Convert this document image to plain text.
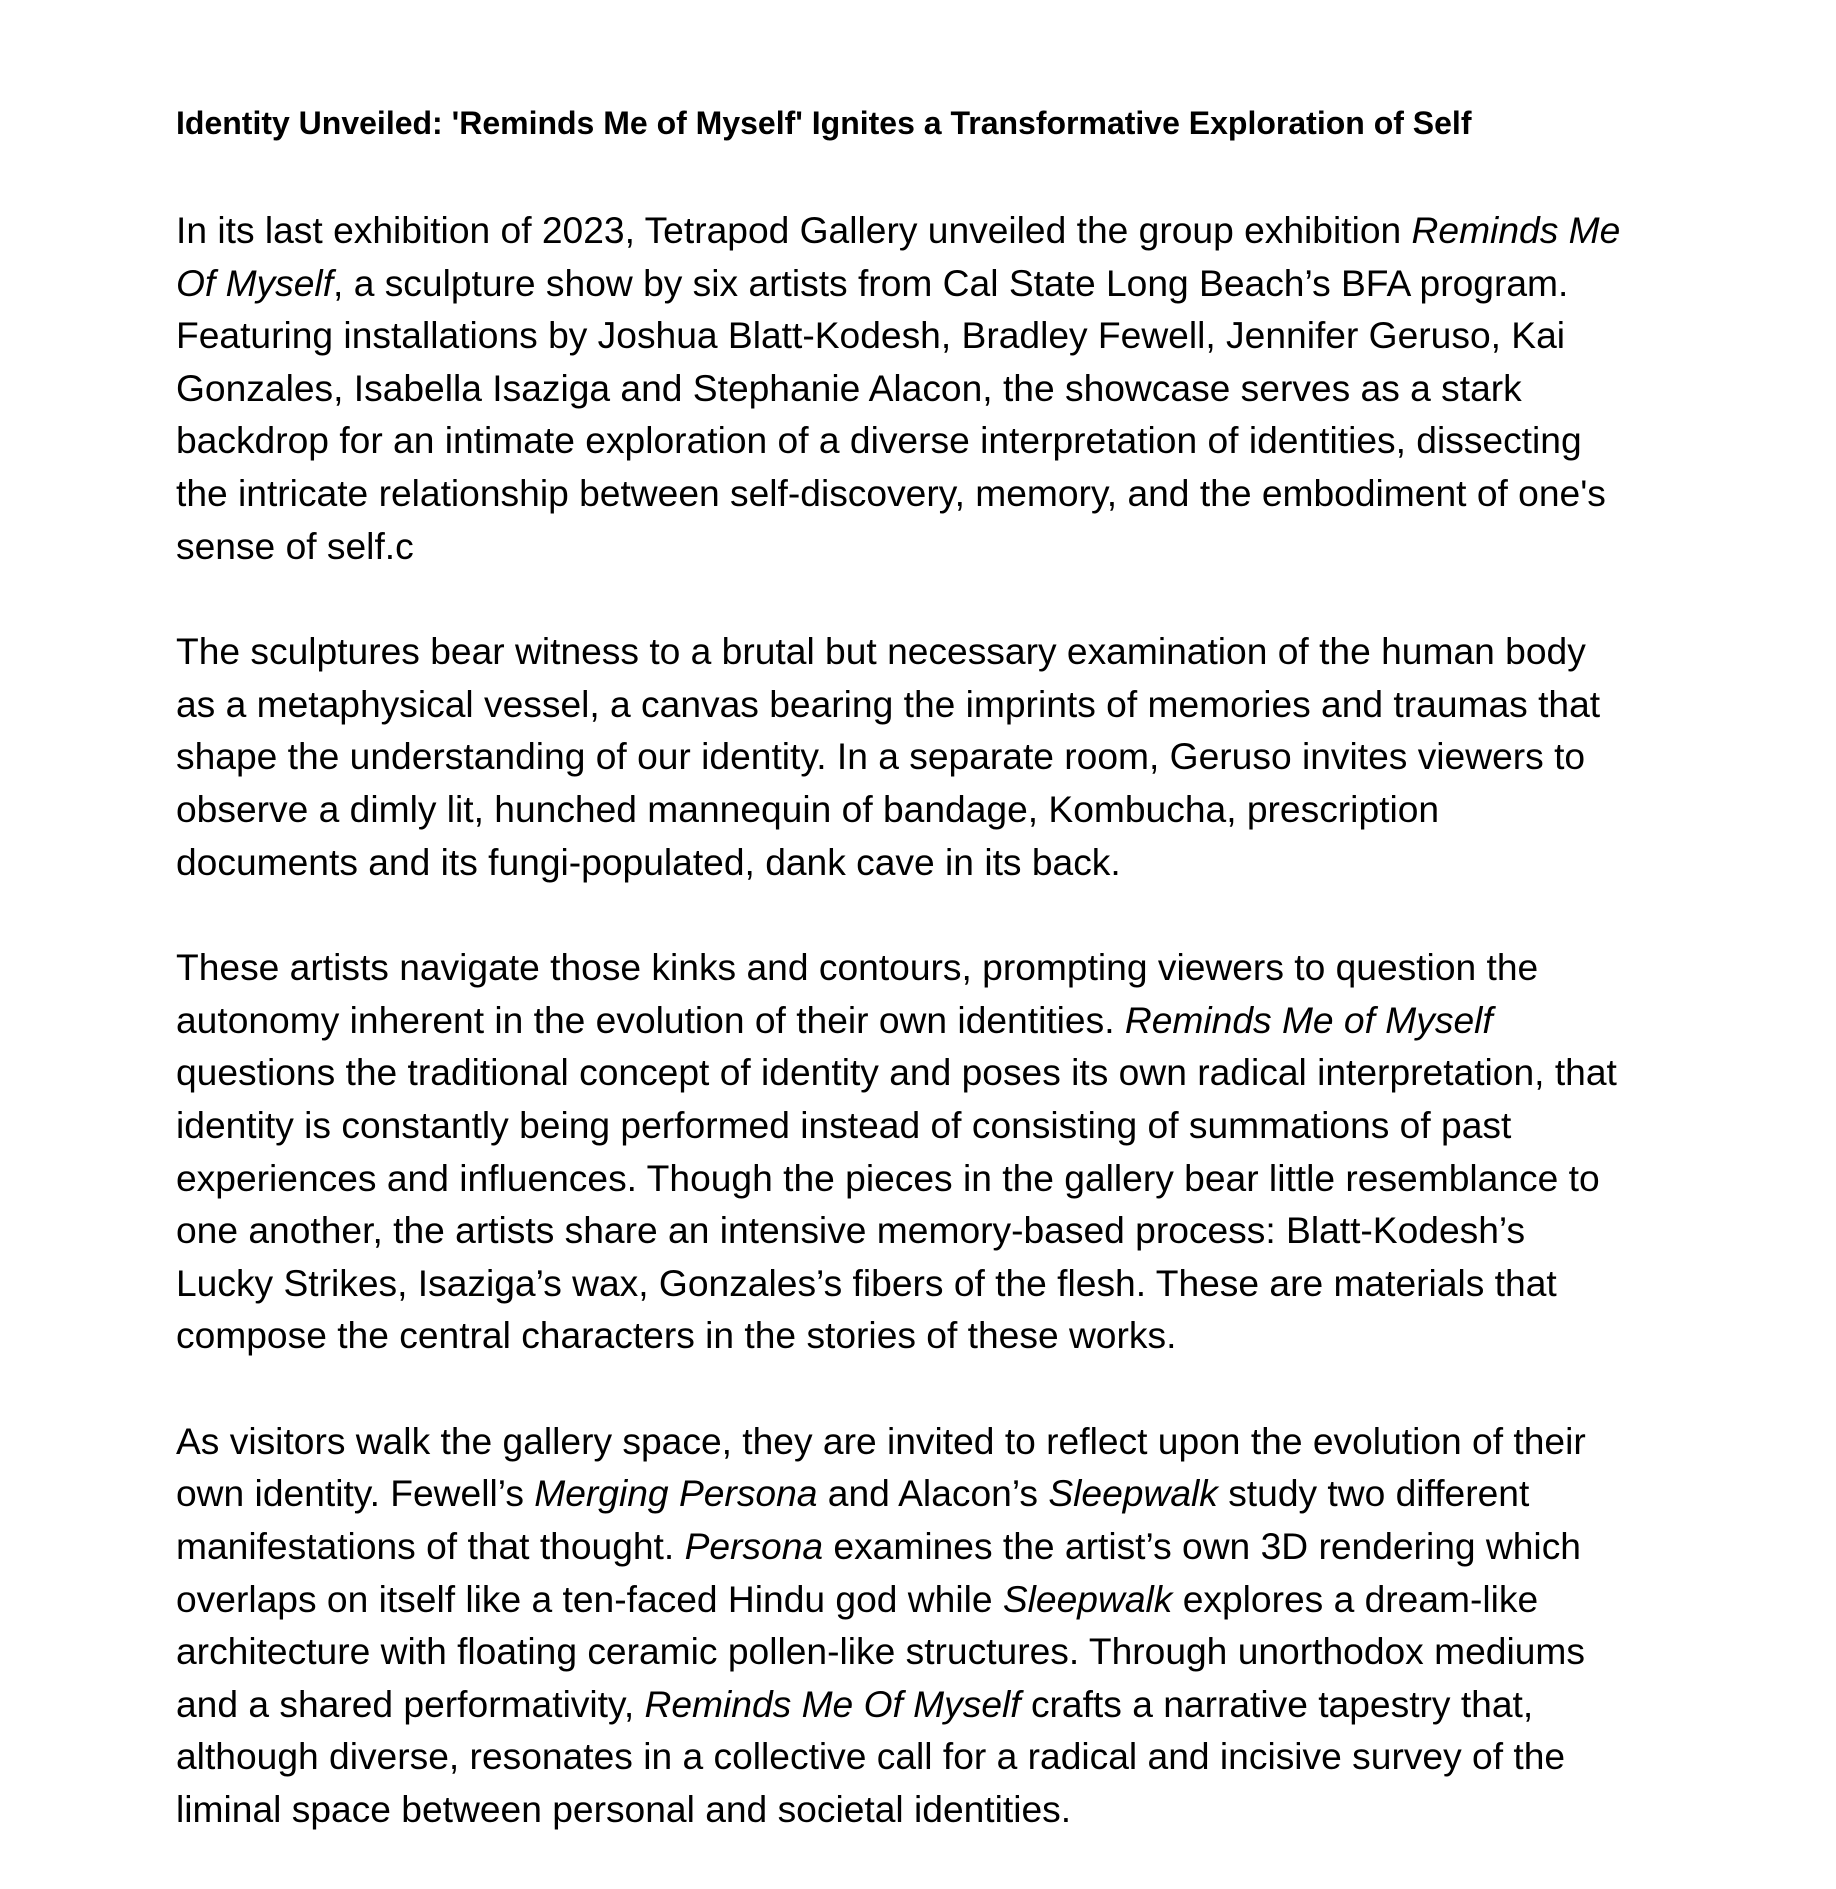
Identity Unveiled: 'Reminds Me of Myself' Ignites a Transformative Exploration of Self
In its last exhibition of 2023, Tetrapod Gallery unveiled the group exhibition Reminds Me
Of Myself, a sculpture show by six artists from Cal State Long Beach’s BFA program.
Featuring installations by Joshua Blatt-Kodesh, Bradley Fewell, Jennifer Geruso, Kai
Gonzales, Isabella Isaziga and Stephanie Alacon, the showcase serves as a stark
backdrop for an intimate exploration of a diverse interpretation of identities, dissecting
the intricate relationship between self-discovery, memory, and the embodiment of one's
sense of self.c
The sculptures bear witness to a brutal but necessary examination of the human body
as a metaphysical vessel, a canvas bearing the imprints of memories and traumas that
shape the understanding of our identity. In a separate room, Geruso invites viewers to
observe a dimly lit, hunched mannequin of bandage, Kombucha, prescription
documents and its fungi-populated, dank cave in its back.
These artists navigate those kinks and contours, prompting viewers to question the
autonomy inherent in the evolution of their own identities. Reminds Me of Myself
questions the traditional concept of identity and poses its own radical interpretation, that
identity is constantly being performed instead of consisting of summations of past
experiences and influences. Though the pieces in the gallery bear little resemblance to
one another, the artists share an intensive memory-based process: Blatt-Kodesh’s
Lucky Strikes, Isaziga’s wax, Gonzales’s fibers of the flesh. These are materials that
compose the central characters in the stories of these works.
As visitors walk the gallery space, they are invited to reflect upon the evolution of their
own identity. Fewell’s Merging Persona and Alacon’s Sleepwalk study two different
manifestations of that thought. Persona examines the artist’s own 3D rendering which
overlaps on itself like a ten-faced Hindu god while Sleepwalk explores a dream-like
architecture with floating ceramic pollen-like structures. Through unorthodox mediums
and a shared performativity, Reminds Me Of Myself crafts a narrative tapestry that,
although diverse, resonates in a collective call for a radical and incisive survey of the
liminal space between personal and societal identities.
